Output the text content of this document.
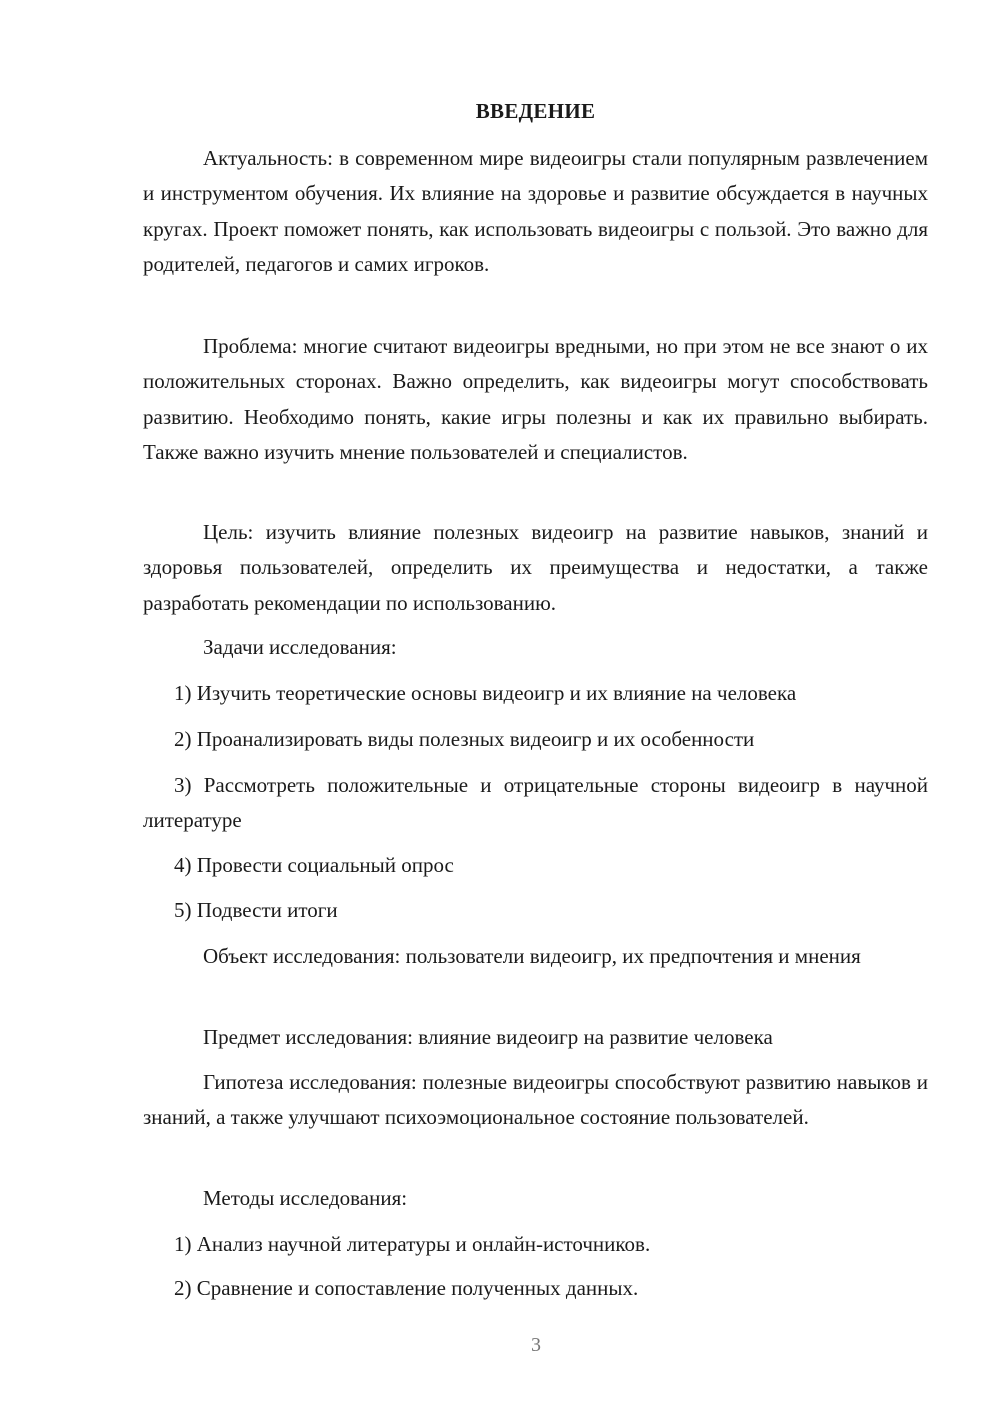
ВВЕДЕНИЕ

Актуальность: в современном мире видеоигры стали популярным развлечением и инструментом обучения. Их влияние на здоровье и развитие обсуждается в научных кругах. Проект поможет понять, как использовать видеоигры с пользой. Это важно для родителей, педагогов и самих игроков.

Проблема: многие считают видеоигры вредными, но при этом не все знают о их положительных сторонах. Важно определить, как видеоигры могут способствовать развитию. Необходимо понять, какие игры полезны и как их правильно выбирать. Также важно изучить мнение пользователей и специалистов.

Цель: изучить влияние полезных видеоигр на развитие навыков, знаний и здоровья пользователей, определить их преимущества и недостатки, а также разработать рекомендации по использованию.

Задачи исследования:

1) Изучить теоретические основы видеоигр и их влияние на человека

2) Проанализировать виды полезных видеоигр и их особенности

3) Рассмотреть положительные и отрицательные стороны видеоигр в научной литературе

4) Провести социальный опрос

5) Подвести итоги

Объект исследования: пользователи видеоигр, их предпочтения и мнения

Предмет исследования: влияние видеоигр на развитие человека

Гипотеза исследования: полезные видеоигры способствуют развитию навыков и знаний, а также улучшают психоэмоциональное состояние пользователей.

Методы исследования:

1) Анализ научной литературы и онлайн-источников.

2) Сравнение и сопоставление полученных данных.

3
